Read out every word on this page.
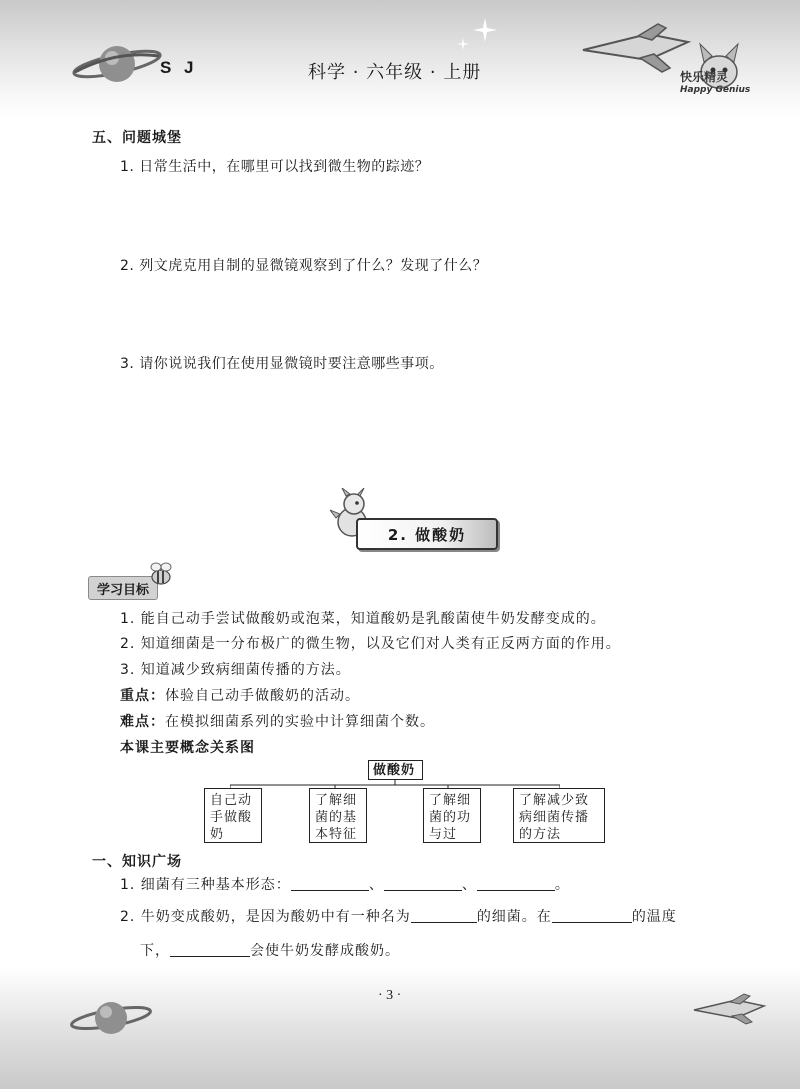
快乐精灵
Happy Genius
S J	科学 · 六年级 · 上册
五、问题城堡
1. 日常生活中，在哪里可以找到微生物的踪迹？
2. 列文虎克用自制的显微镜观察到了什么？发现了什么？
3. 请你说说我们在使用显微镜时要注意哪些事项。
2. 做酸奶
学习目标
1. 能自己动手尝试做酸奶或泡菜，知道酸奶是乳酸菌使牛奶发酵变成的。
2. 知道细菌是一分布极广的微生物，以及它们对人类有正反两方面的作用。
3. 知道减少致病细菌传播的方法。
重点：体验自己动手做酸奶的活动。
难点：在模拟细菌系列的实验中计算细菌个数。
本课主要概念关系图
做酸奶
自己动手做酸奶
了解细菌的基本特征
了解细菌的功与过
了解减少致病细菌传播的方法
一、知识广场
1. 细菌有三种基本形态：	、	、	。
2. 牛奶变成酸奶，是因为酸奶中有一种名为	的细菌。在	的温度
下，	会使牛奶发酵成酸奶。
· 3 ·
